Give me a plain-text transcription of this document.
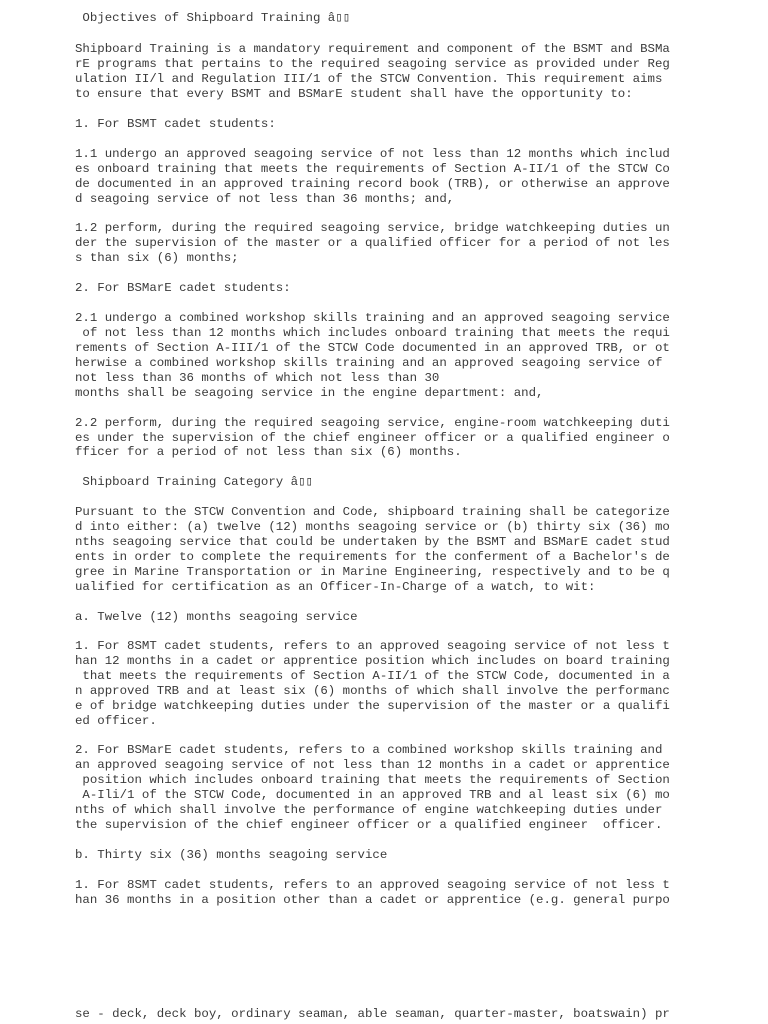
Objectives of Shipboard Training â▯▯
Shipboard Training is a mandatory requirement and component of the BSMT and BSMa
rE programs that pertains to the required seagoing service as provided under Reg
ulation II/l and Regulation III/1 of the STCW Convention. This requirement aims
to ensure that every BSMT and BSMarE student shall have the opportunity to:
1. For BSMT cadet students:
1.1 undergo an approved seagoing service of not less than 12 months which includ
es onboard training that meets the requirements of Section A-II/1 of the STCW Co
de documented in an approved training record book (TRB), or otherwise an approve
d seagoing service of not less than 36 months; and,
1.2 perform, during the required seagoing service, bridge watchkeeping duties un
der the supervision of the master or a qualified officer for a period of not les
s than six (6) months;
2. For BSMarE cadet students:
2.1 undergo a combined workshop skills training and an approved seagoing service
of not less than 12 months which includes onboard training that meets the requi
rements of Section A-III/1 of the STCW Code documented in an approved TRB, or ot
herwise a combined workshop skills training and an approved seagoing service of
not less than 36 months of which not less than 30
months shall be seagoing service in the engine department: and,
2.2 perform, during the required seagoing service, engine-room watchkeeping duti
es under the supervision of the chief engineer officer or a qualified engineer o
fficer for a period of not less than six (6) months.
Shipboard Training Category â▯▯
Pursuant to the STCW Convention and Code, shipboard training shall be categorize
d into either: (a) twelve (12) months seagoing service or (b) thirty six (36) mo
nths seagoing service that could be undertaken by the BSMT and BSMarE cadet stud
ents in order to complete the requirements for the conferment of a Bachelor's de
gree in Marine Transportation or in Marine Engineering, respectively and to be q
ualified for certification as an Officer-In-Charge of a watch, to wit:
a. Twelve (12) months seagoing service
1. For 8SMT cadet students, refers to an approved seagoing service of not less t
han 12 months in a cadet or apprentice position which includes on board training
that meets the requirements of Section A-II/1 of the STCW Code, documented in a
n approved TRB and at least six (6) months of which shall involve the performanc
e of bridge watchkeeping duties under the supervision of the master or a qualifi
ed officer.
2. For BSMarE cadet students, refers to a combined workshop skills training and
an approved seagoing service of not less than 12 months in a cadet or apprentice
position which includes onboard training that meets the requirements of Section
A-Ili/1 of the STCW Code, documented in an approved TRB and al least six (6) mo
nths of which shall involve the performance of engine watchkeeping duties under
the supervision of the chief engineer officer or a qualified engineer  officer.
b. Thirty six (36) months seagoing service
1. For 8SMT cadet students, refers to an approved seagoing service of not less t
han 36 months in a position other than a cadet or apprentice (e.g. general purpo
se - deck, deck boy, ordinary seaman, able seaman, quarter-master, boatswain) pr
